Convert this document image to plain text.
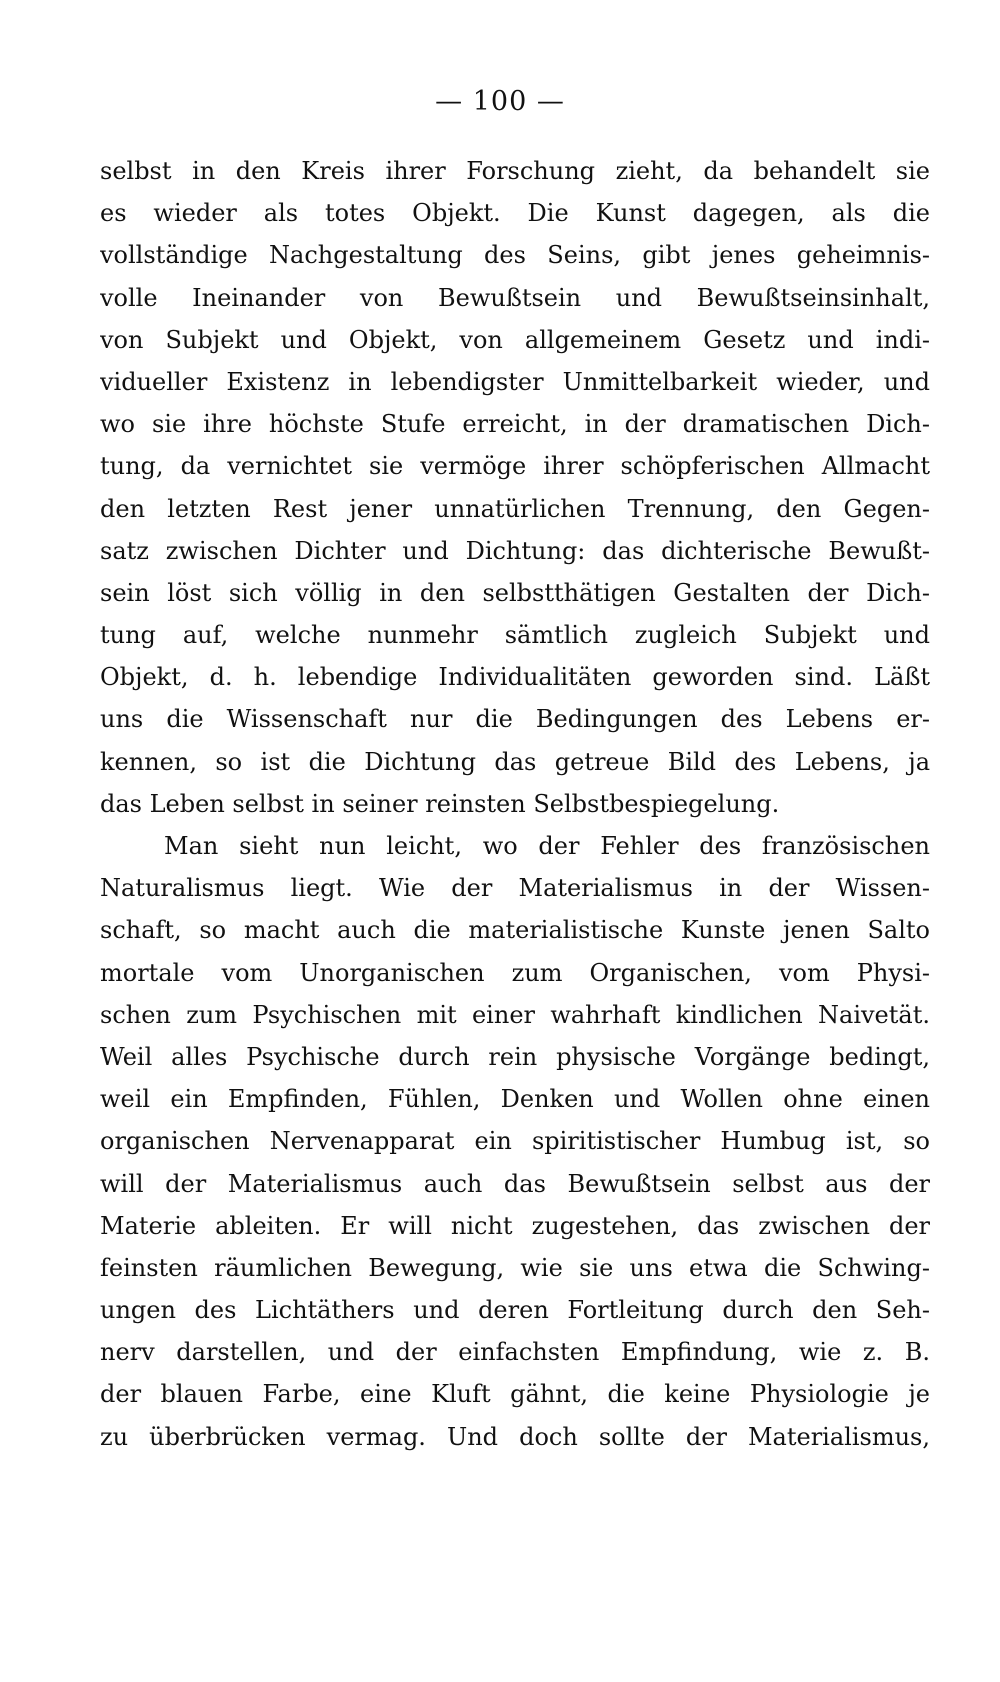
— 100 —
selbst in den Kreis ihrer Forschung zieht, da behandelt sie
es wieder als totes Objekt. Die Kunst dagegen, als die
vollständige Nachgestaltung des Seins, gibt jenes geheimnis-
volle Ineinander von Bewußtsein und Bewußtseinsinhalt,
von Subjekt und Objekt, von allgemeinem Gesetz und indi-
vidueller Existenz in lebendigster Unmittelbarkeit wieder, und
wo sie ihre höchste Stufe erreicht, in der dramatischen Dich-
tung, da vernichtet sie vermöge ihrer schöpferischen Allmacht
den letzten Rest jener unnatürlichen Trennung, den Gegen-
satz zwischen Dichter und Dichtung: das dichterische Bewußt-
sein löst sich völlig in den selbstthätigen Gestalten der Dich-
tung auf, welche nunmehr sämtlich zugleich Subjekt und
Objekt, d. h. lebendige Individualitäten geworden sind. Läßt
uns die Wissenschaft nur die Bedingungen des Lebens er-
kennen, so ist die Dichtung das getreue Bild des Lebens, ja
das Leben selbst in seiner reinsten Selbstbespiegelung.
Man sieht nun leicht, wo der Fehler des französischen
Naturalismus liegt. Wie der Materialismus in der Wissen-
schaft, so macht auch die materialistische Kunste jenen Salto
mortale vom Unorganischen zum Organischen, vom Physi-
schen zum Psychischen mit einer wahrhaft kindlichen Naivetät.
Weil alles Psychische durch rein physische Vorgänge bedingt,
weil ein Empfinden, Fühlen, Denken und Wollen ohne einen
organischen Nervenapparat ein spiritistischer Humbug ist, so
will der Materialismus auch das Bewußtsein selbst aus der
Materie ableiten. Er will nicht zugestehen, das zwischen der
feinsten räumlichen Bewegung, wie sie uns etwa die Schwing-
ungen des Lichtäthers und deren Fortleitung durch den Seh-
nerv darstellen, und der einfachsten Empfindung, wie z. B.
der blauen Farbe, eine Kluft gähnt, die keine Physiologie je
zu überbrücken vermag. Und doch sollte der Materialismus,
